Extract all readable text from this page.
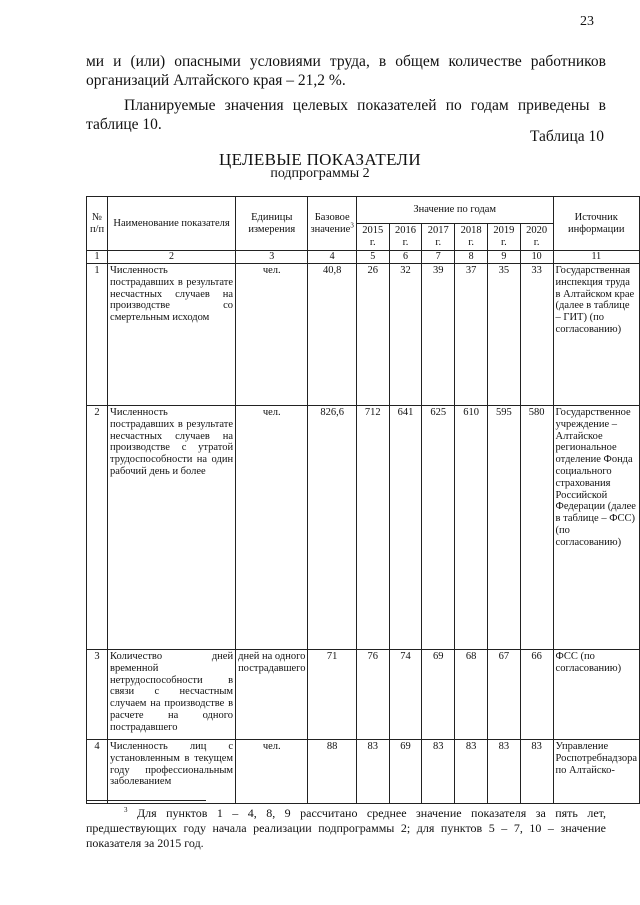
23
ми и (или) опасными условиями труда, в общем количестве работников организаций Алтайского края – 21,2 %.
Планируемые значения целевых показателей по годам приведены в таблице 10.
Таблица 10
ЦЕЛЕВЫЕ ПОКАЗАТЕЛИ
подпрограммы 2
№ п/п	Наименование показателя	Единицы измерения	Базовое значение$^3$	Значение по годам						Источник информации
				2015 г.	2016 г.	2017 г.	2018 г.	2019 г.	2020 г.	
1	2	3	4	5	6	7	8	9	10	11
1	Численность пострадавших в результате несчастных случаев на производстве со смертельным исходом	чел.	40,8	26	32	39	37	35	33	Государственная инспекция труда в Алтайском крае (далее в таблице – ГИТ) (по согласованию)
2	Численность пострадавших в результате несчастных случаев на производстве с утратой трудоспособности на один рабочий день и более	чел.	826,6	712	641	625	610	595	580	Государственное учреждение – Алтайское региональное отделение Фонда социального страхования Российской Федерации (далее в таблице – ФСС) (по согласованию)
3	Количество дней временной нетрудоспособности в связи с несчастным случаем на производстве в расчете на одного пострадавшего	дней на одного пострадавшего	71	76	74	69	68	67	66	ФСС (по согласованию)
4	Численность лиц с установленным в текущем году профессиональным заболеванием	чел.	88	83	69	83	83	83	83	Управление Роспотребнадзора по Алтайско-
$^3$ Для пунктов 1 – 4, 8, 9 рассчитано среднее значение показателя за пять лет, предшествующих году начала реализации подпрограммы 2; для пунктов 5 – 7, 10 – значение показателя за 2015 год.
